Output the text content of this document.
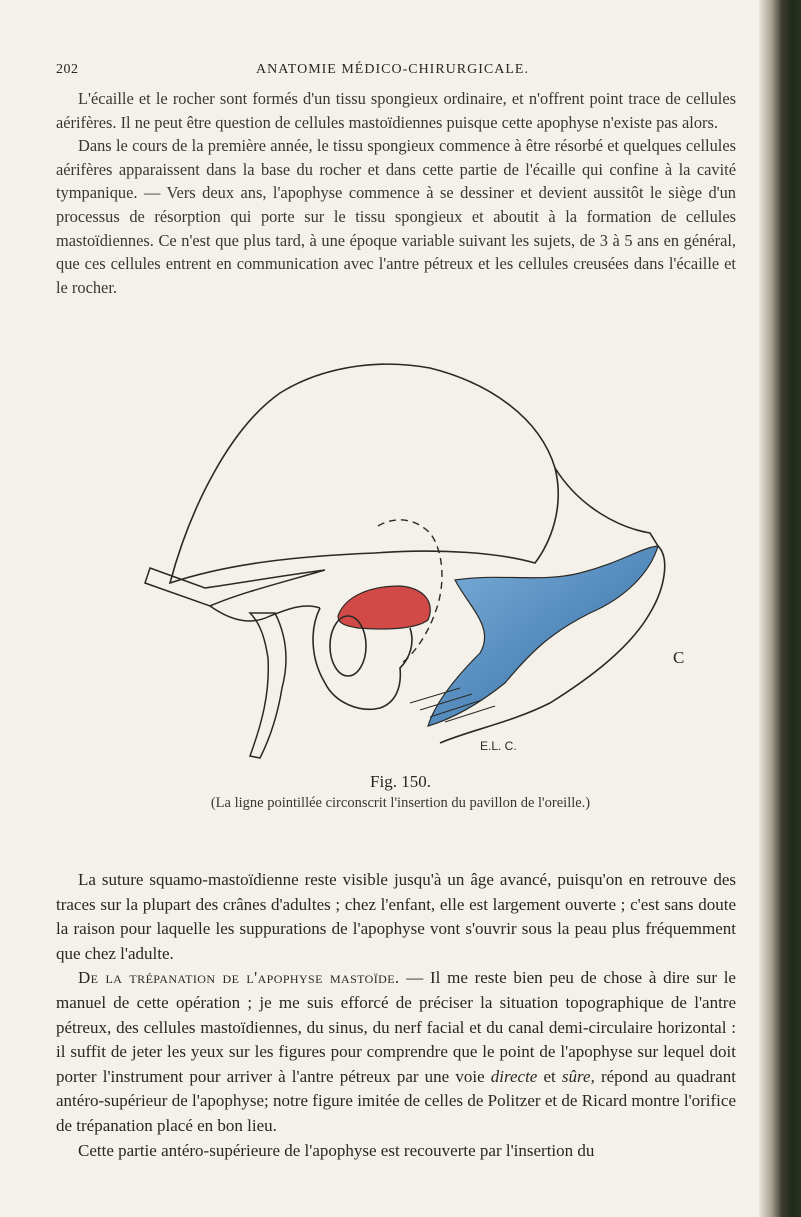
202	ANATOMIE MÉDICO-CHIRURGICALE.

L'écaille et le rocher sont formés d'un tissu spongieux ordinaire, et n'offrent point trace de cellules aérifères. Il ne peut être question de cellules mastoïdiennes puisque cette apophyse n'existe pas alors.

Dans le cours de la première année, le tissu spongieux commence à être résorbé et quelques cellules aérifères apparaissent dans la base du rocher et dans cette partie de l'écaille qui confine à la cavité tympanique. — Vers deux ans, l'apophyse commence à se dessiner et devient aussitôt le siège d'un processus de résorption qui porte sur le tissu spongieux et aboutit à la formation de cellules mastoïdiennes. Ce n'est que plus tard, à une époque variable suivant les sujets, de 3 à 5 ans en général, que ces cellules entrent en communication avec l'antre pétreux et les cellules creusées dans l'écaille et le rocher.

C
E.L. C.
Fig. 150.
(La ligne pointillée circonscrit l'insertion du pavillon de l'oreille.)

La suture squamo-mastoïdienne reste visible jusqu'à un âge avancé, puisqu'on en retrouve des traces sur la plupart des crânes d'adultes ; chez l'enfant, elle est largement ouverte ; c'est sans doute la raison pour laquelle les suppurations de l'apophyse vont s'ouvrir sous la peau plus fréquemment que chez l'adulte.

De la trépanation de l'apophyse mastoïde. — Il me reste bien peu de chose à dire sur le manuel de cette opération ; je me suis efforcé de préciser la situation topographique de l'antre pétreux, des cellules mastoïdiennes, du sinus, du nerf facial et du canal demi-circulaire horizontal : il suffit de jeter les yeux sur les figures pour comprendre que le point de l'apophyse sur lequel doit porter l'instrument pour arriver à l'antre pétreux par une voie directe et sûre, répond au quadrant antéro-supérieur de l'apophyse; notre figure imitée de celles de Politzer et de Ricard montre l'orifice de trépanation placé en bon lieu.

Cette partie antéro-supérieure de l'apophyse est recouverte par l'insertion du
